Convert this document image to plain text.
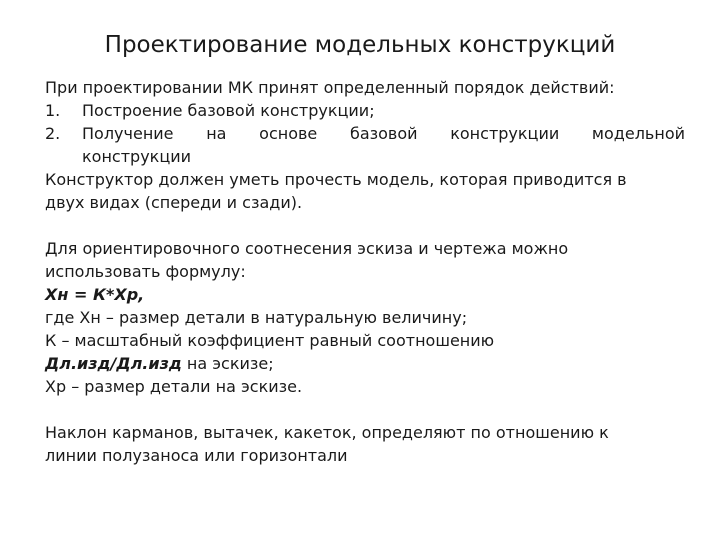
Проектирование модельных конструкций
При проектировании МК принят определенный порядок действий:
1.	Построение базовой конструкции;
2.	Получение на основе базовой конструкции модельной
конструкции
Конструктор должен уметь прочесть модель, которая приводится в
двух видах (спереди и сзади).
Для ориентировочного соотнесения эскиза и чертежа можно
использовать формулу:
Хн = К*Хр,
где Хн – размер детали в натуральную величину;
К – масштабный коэффициент равный соотношению
Дл.изд/Дл.изд на эскизе;
Хр – размер детали на эскизе.
Наклон карманов, вытачек, какеток, определяют по отношению к
линии полузаноса или горизонтали
